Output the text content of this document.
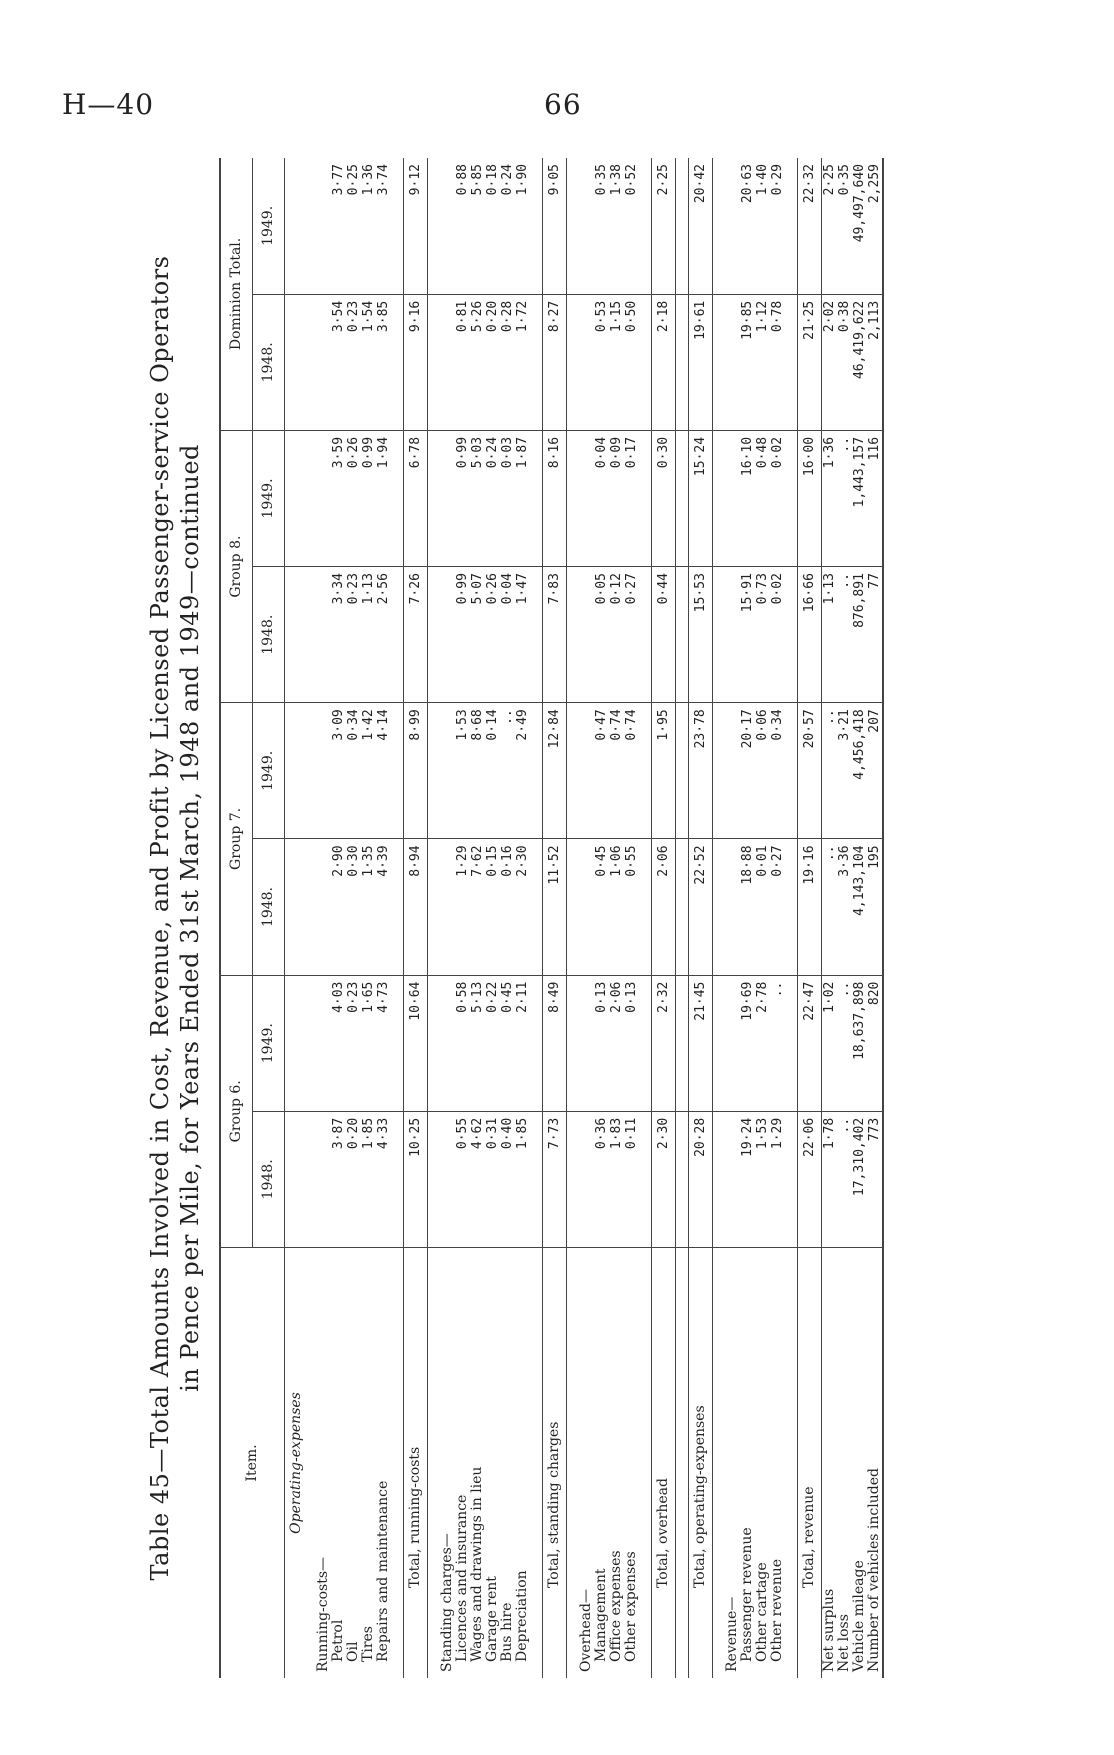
H—40	66
Table 45—Total Amounts Involved in Cost, Revenue, and Profit by Licensed Passenger-service Operators in Pence per Mile, for Years Ended 31st March, 1948 and 1949—continued
Item.	Group 6.		Group 7.		Group 8.		Dominion Total.	
	1948.	1949.	1948.	1949.	1948.	1949.	1948.	1949.
Operating-expenses								

Running-costs—								
Petrol	3·87	4·03	2·90	3·09	3·34	3·59	3·54	3·77
Oil	0·20	0·23	0·30	0·34	0·23	0·26	0·23	0·25
Tires	1·85	1·65	1·35	1·42	1·13	0·99	1·54	1·36
Repairs and maintenance	4·33	4·73	4·39	4·14	2·56	1·94	3·85	3·74

Total, running-costs	10·25	10·64	8·94	8·99	7·26	6·78	9·16	9·12

Standing charges—								
Licences and insurance	0·55	0·58	1·29	1·53	0·99	0·99	0·81	0·88
Wages and drawings in lieu	4·62	5·13	7·62	8·68	5·07	5·03	5·26	5·85
Garage rent	0·31	0·22	0·15	0·14	0·26	0·24	0·20	0·18
Bus hire	0·40	0·45	0·16	..	0·04	0·03	0·28	0·24
Depreciation	1·85	2·11	2·30	2·49	1·47	1·87	1·72	1·90

Total, standing charges	7·73	8·49	11·52	12·84	7·83	8·16	8·27	9·05

Overhead—								
Management	0·36	0·13	0·45	0·47	0·05	0·04	0·53	0·35
Office expenses	1·83	2·06	1·06	0·74	0·12	0·09	1·15	1·38
Other expenses	0·11	0·13	0·55	0·74	0·27	0·17	0·50	0·52

Total, overhead	2·30	2·32	2·06	1·95	0·44	0·30	2·18	2·25

Total, operating-expenses	20·28	21·45	22·52	23·78	15·53	15·24	19·61	20·42

Revenue—								
Passenger revenue	19·24	19·69	18·88	20·17	15·91	16·10	19·85	20·63
Other cartage	1·53	2·78	0·01	0·06	0·73	0·48	1·12	1·40
Other revenue	1·29	..	0·27	0·34	0·02	0·02	0·78	0·29

Total, revenue	22·06	22·47	19·16	20·57	16·66	16·00	21·25	22·32
Net surplus	1·78	1·02	..	..	1·13	1·36	2·02	2·25
Net loss	..	..	3·36	3·21	..	..	0·38	0·35
Vehicle mileage	17,310,402	18,637,898	4,143,104	4,456,418	876,891	1,443,157	46,419,622	49,497,640
Number of vehicles included	773	820	195	207	77	116	2,113	2,259
